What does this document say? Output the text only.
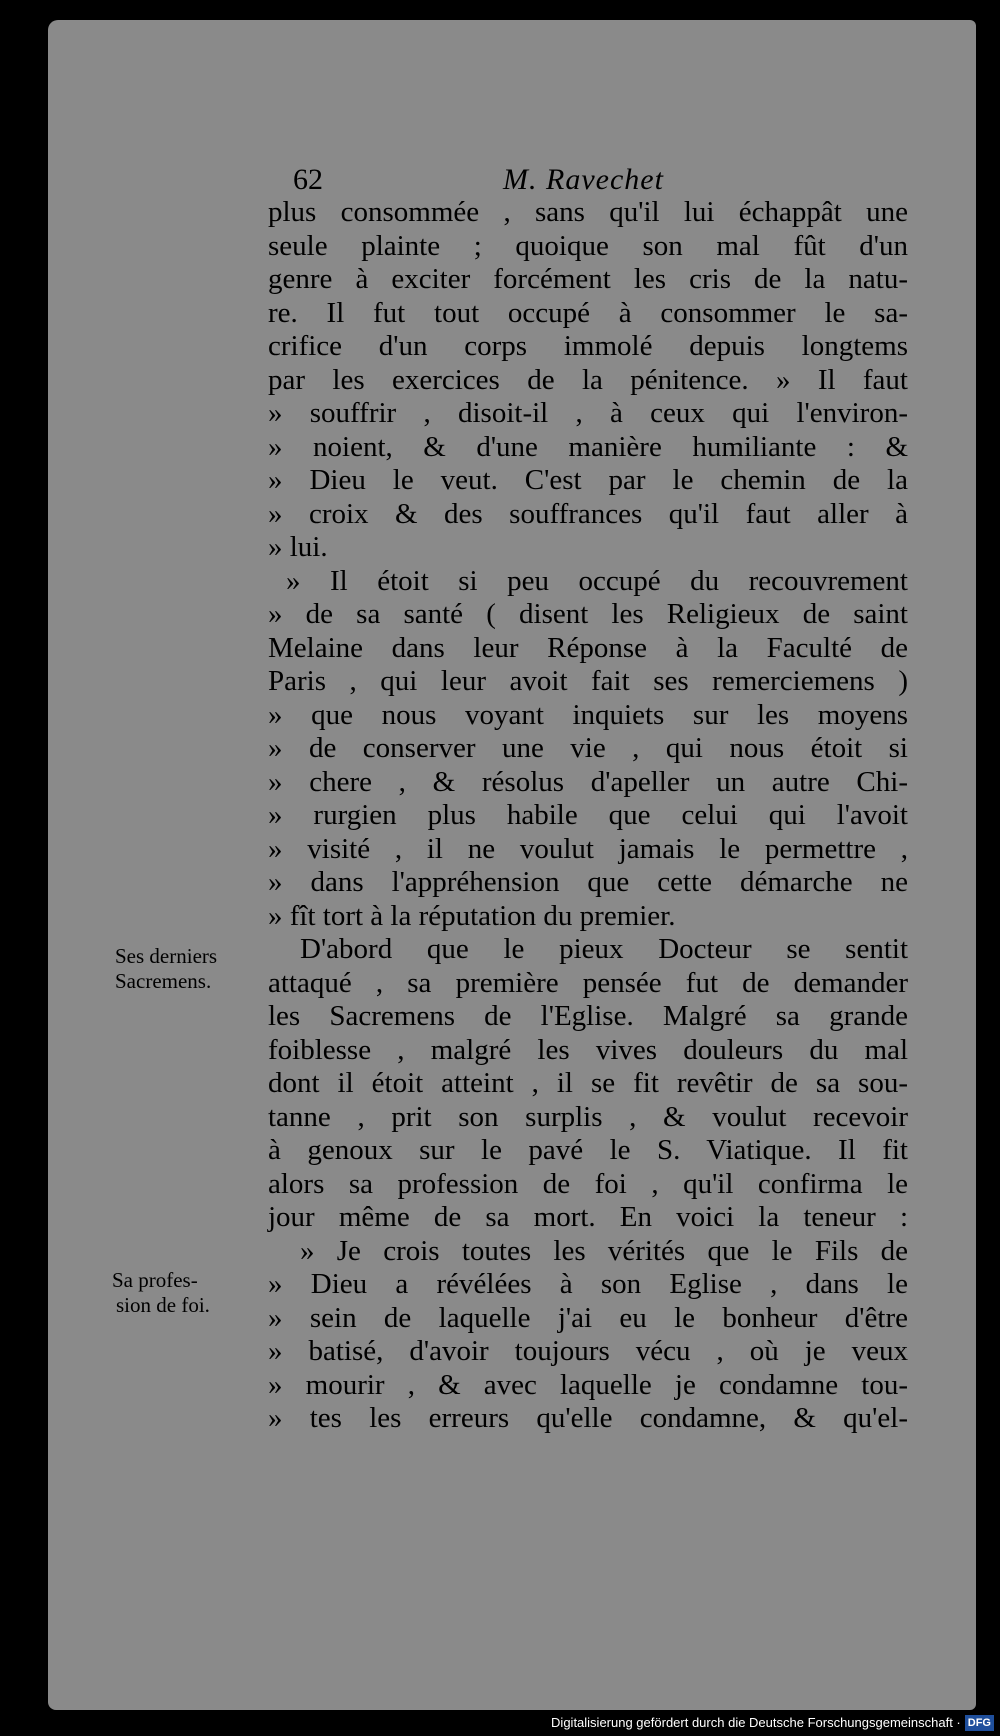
62	M. Ravechet
plus consommée , sans qu'il lui échappât une
seule plainte ; quoique son mal fût d'un
genre à exciter forcément les cris de la natu-
re. Il fut tout occupé à consommer le sa-
crifice d'un corps immolé depuis longtems
par les exercices de la pénitence. » Il faut
» souffrir , disoit-il , à ceux qui l'environ-
» noient, & d'une manière humiliante : &
» Dieu le veut. C'est par le chemin de la
» croix & des souffrances qu'il faut aller à
» lui.
» Il étoit si peu occupé du recouvrement
» de sa santé ( disent les Religieux de saint
Melaine dans leur Réponse à la Faculté de
Paris , qui leur avoit fait ses remerciemens )
» que nous voyant inquiets sur les moyens
» de conserver une vie , qui nous étoit si
» chere , & résolus d'apeller un autre Chi-
» rurgien plus habile que celui qui l'avoit
» visité , il ne voulut jamais le permettre ,
» dans l'appréhension que cette démarche ne
» fît tort à la réputation du premier.
D'abord que le pieux Docteur se sentit
attaqué , sa première pensée fut de demander
les Sacremens de l'Eglise. Malgré sa grande
foiblesse , malgré les vives douleurs du mal
dont il étoit atteint , il se fit revêtir de sa sou-
tanne , prit son surplis , & voulut recevoir
à genoux sur le pavé le S. Viatique. Il fit
alors sa profession de foi , qu'il confirma le
jour même de sa mort. En voici la teneur :
» Je crois toutes les vérités que le Fils de
» Dieu a révélées à son Eglise , dans le
» sein de laquelle j'ai eu le bonheur d'être
» batisé, d'avoir toujours vécu , où je veux
» mourir , & avec laquelle je condamne tou-
» tes les erreurs qu'elle condamne, & qu'el-
Ses derniers
Sacremens.
Sa profes-
sion de foi.
Digitalisierung gefördert durch die Deutsche Forschungsgemeinschaft · DFG
